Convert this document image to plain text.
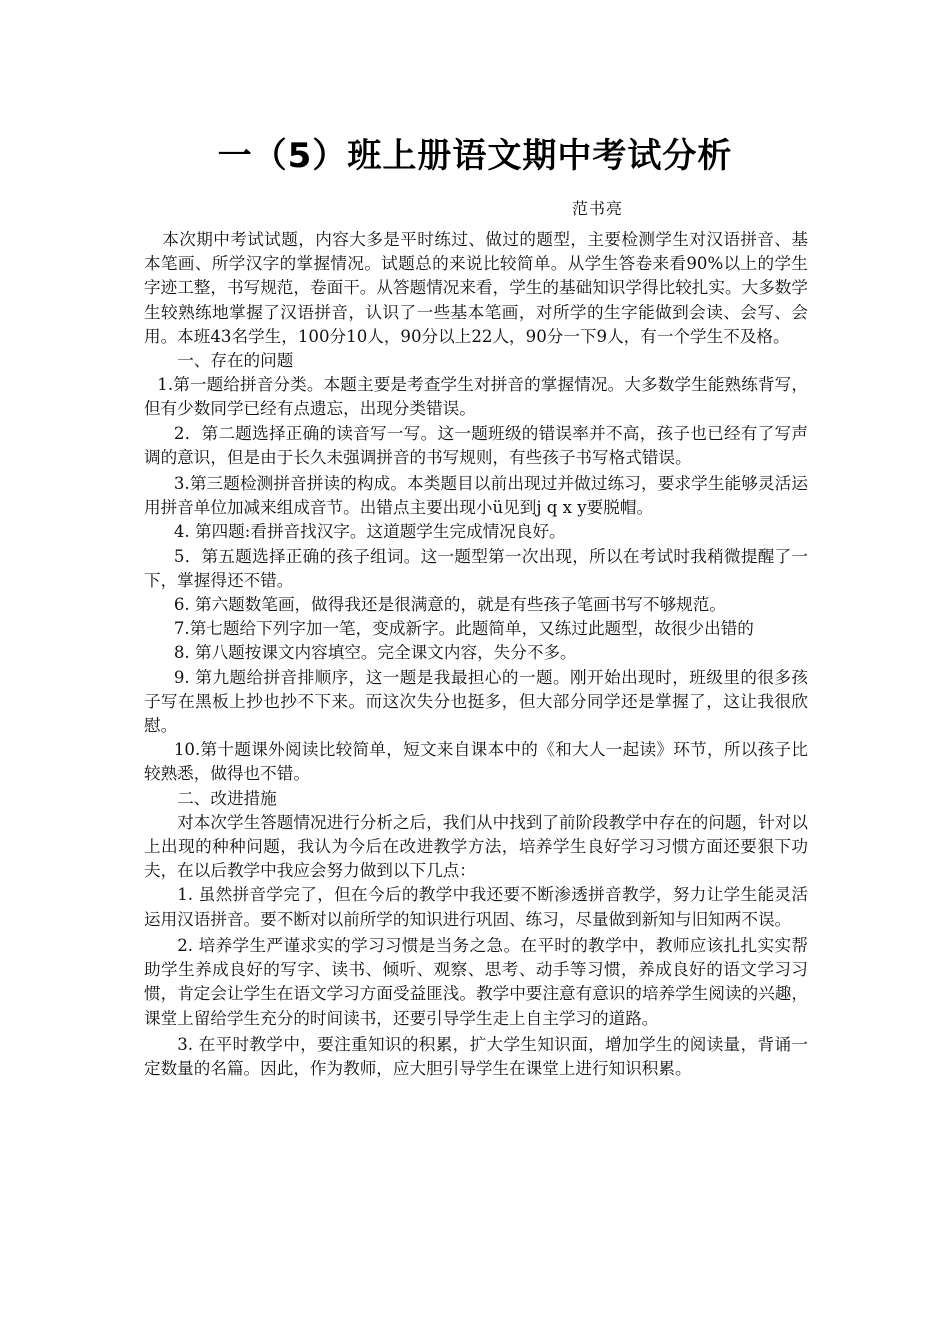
一（5）班上册语文期中考试分析
范书亮

本次期中考试试题，内容大多是平时练过、做过的题型，主要检测学生对汉语拼音、基本笔画、所学汉字的掌握情况。试题总的来说比较简单。从学生答卷来看90%以上的学生字迹工整，书写规范，卷面干。从答题情况来看，学生的基础知识学得比较扎实。大多数学生较熟练地掌握了汉语拼音，认识了一些基本笔画，对所学的生字能做到会读、会写、会用。本班43名学生，100分10人，90分以上22人，90分一下9人，有一个学生不及格。

一、存在的问题

1.第一题给拼音分类。本题主要是考查学生对拼音的掌握情况。大多数学生能熟练背写，但有少数同学已经有点遗忘，出现分类错误。

2．第二题选择正确的读音写一写。这一题班级的错误率并不高，孩子也已经有了写声调的意识，但是由于长久未强调拼音的书写规则，有些孩子书写格式错误。

3.第三题检测拼音拼读的构成。本类题目以前出现过并做过练习，要求学生能够灵活运用拼音单位加减来组成音节。出错点主要出现小ü见到j q x y要脱帽。

4. 第四题:看拼音找汉字。这道题学生完成情况良好。

5．第五题选择正确的孩子组词。这一题型第一次出现，所以在考试时我稍微提醒了一下，掌握得还不错。

6. 第六题数笔画，做得我还是很满意的，就是有些孩子笔画书写不够规范。

7.第七题给下列字加一笔，变成新字。此题简单，又练过此题型，故很少出错的

8. 第八题按课文内容填空。完全课文内容，失分不多。

9. 第九题给拼音排顺序，这一题是我最担心的一题。刚开始出现时，班级里的很多孩子写在黑板上抄也抄不下来。而这次失分也挺多，但大部分同学还是掌握了，这让我很欣慰。

10.第十题课外阅读比较简单，短文来自课本中的《和大人一起读》环节，所以孩子比较熟悉，做得也不错。

二、改进措施

对本次学生答题情况进行分析之后，我们从中找到了前阶段教学中存在的问题，针对以上出现的种种问题，我认为今后在改进教学方法，培养学生良好学习习惯方面还要狠下功夫，在以后教学中我应会努力做到以下几点：

1. 虽然拼音学完了，但在今后的教学中我还要不断渗透拼音教学，努力让学生能灵活运用汉语拼音。要不断对以前所学的知识进行巩固、练习，尽量做到新知与旧知两不误。

2. 培养学生严谨求实的学习习惯是当务之急。在平时的教学中，教师应该扎扎实实帮助学生养成良好的写字、读书、倾听、观察、思考、动手等习惯，养成良好的语文学习习惯，肯定会让学生在语文学习方面受益匪浅。教学中要注意有意识的培养学生阅读的兴趣，课堂上留给学生充分的时间读书，还要引导学生走上自主学习的道路。

3. 在平时教学中，要注重知识的积累，扩大学生知识面，增加学生的阅读量，背诵一定数量的名篇。因此，作为教师，应大胆引导学生在课堂上进行知识积累。
